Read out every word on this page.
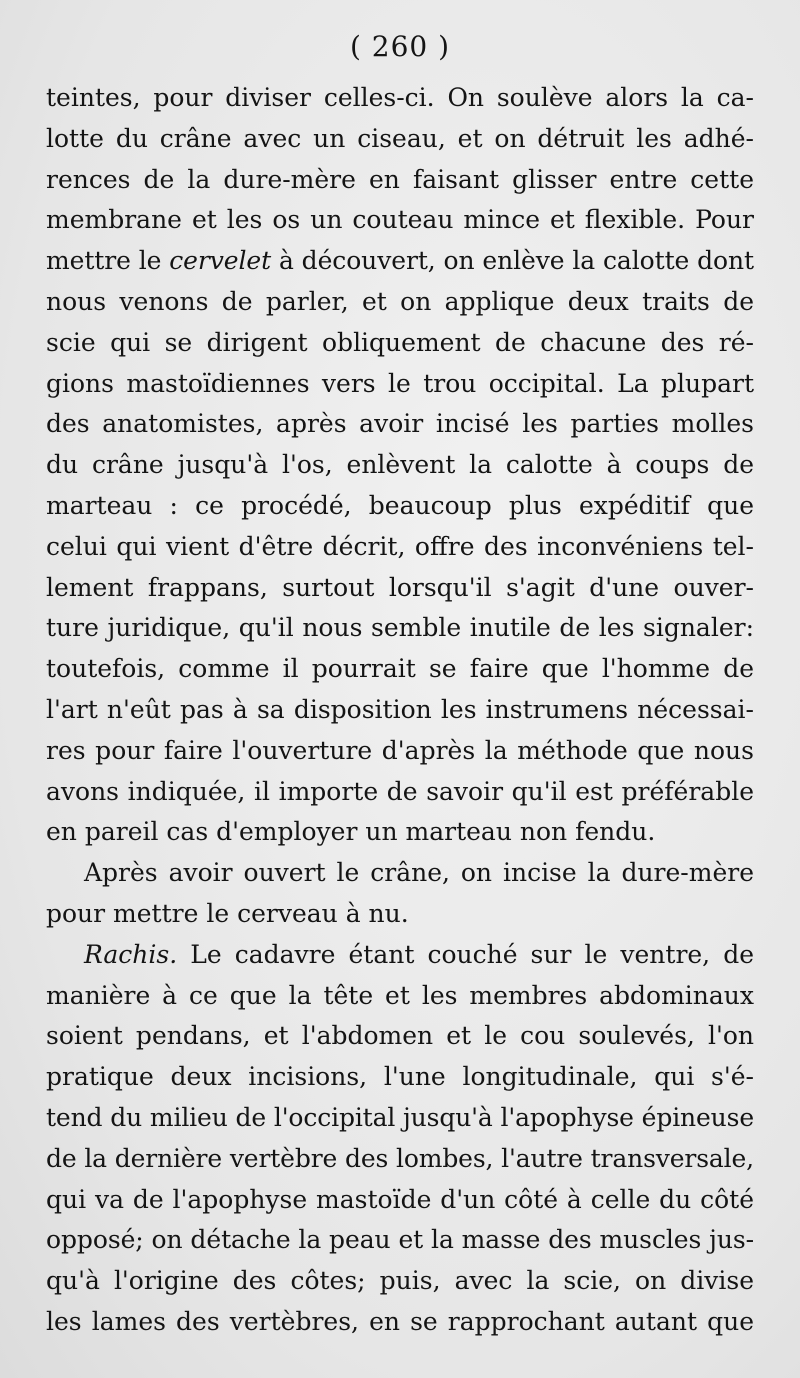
( 260 )
teintes, pour diviser celles-ci. On soulève alors la ca-
lotte du crâne avec un ciseau, et on détruit les adhé-
rences de la dure-mère en faisant glisser entre cette
membrane et les os un couteau mince et flexible. Pour
mettre le cervelet à découvert, on enlève la calotte dont
nous venons de parler, et on applique deux traits de
scie qui se dirigent obliquement de chacune des ré-
gions mastoïdiennes vers le trou occipital. La plupart
des anatomistes, après avoir incisé les parties molles
du crâne jusqu'à l'os, enlèvent la calotte à coups de
marteau : ce procédé, beaucoup plus expéditif que
celui qui vient d'être décrit, offre des inconvéniens tel-
lement frappans, surtout lorsqu'il s'agit d'une ouver-
ture juridique, qu'il nous semble inutile de les signaler:
toutefois, comme il pourrait se faire que l'homme de
l'art n'eût pas à sa disposition les instrumens nécessai-
res pour faire l'ouverture d'après la méthode que nous
avons indiquée, il importe de savoir qu'il est préférable
en pareil cas d'employer un marteau non fendu.
Après avoir ouvert le crâne, on incise la dure-mère
pour mettre le cerveau à nu.
Rachis. Le cadavre étant couché sur le ventre, de
manière à ce que la tête et les membres abdominaux
soient pendans, et l'abdomen et le cou soulevés, l'on
pratique deux incisions, l'une longitudinale, qui s'é-
tend du milieu de l'occipital jusqu'à l'apophyse épineuse
de la dernière vertèbre des lombes, l'autre transversale,
qui va de l'apophyse mastoïde d'un côté à celle du côté
opposé; on détache la peau et la masse des muscles jus-
qu'à l'origine des côtes; puis, avec la scie, on divise
les lames des vertèbres, en se rapprochant autant que
